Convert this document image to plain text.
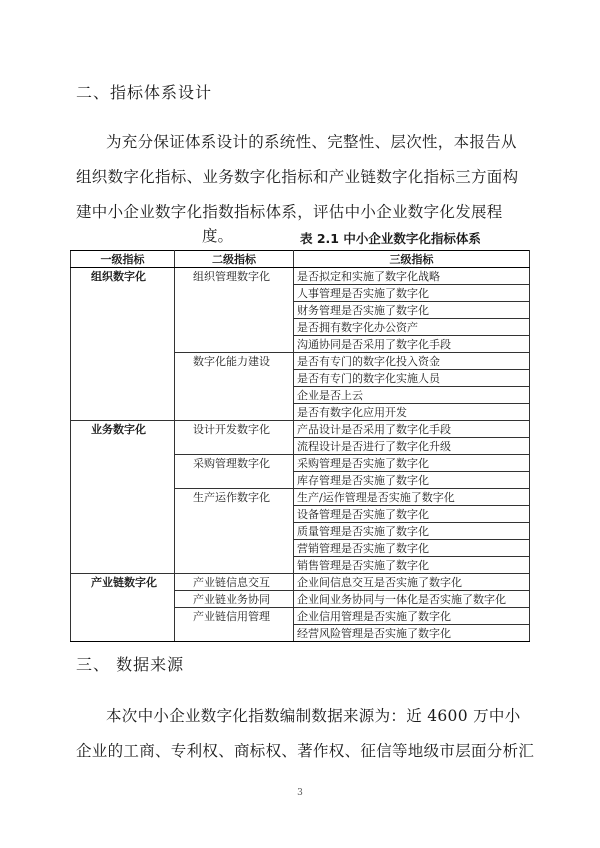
二、指标体系设计
为充分保证体系设计的系统性、完整性、层次性，本报告从
组织数字化指标、业务数字化指标和产业链数字化指标三方面构
建中小企业数字化指数指标体系，评估中小企业数字化发展程
度。	表 2.1 中小企业数字化指标体系
一级指标	二级指标	三级指标
组织数字化	组织管理数字化	是否拟定和实施了数字化战略
		人事管理是否实施了数字化
		财务管理是否实施了数字化
		是否拥有数字化办公资产
		沟通协同是否采用了数字化手段
	数字化能力建设	是否有专门的数字化投入资金
		是否有专门的数字化实施人员
		企业是否上云
		是否有数字化应用开发
业务数字化	设计开发数字化	产品设计是否采用了数字化手段
		流程设计是否进行了数字化升级
	采购管理数字化	采购管理是否实施了数字化
		库存管理是否实施了数字化
	生产运作数字化	生产/运作管理是否实施了数字化
		设备管理是否实施了数字化
		质量管理是否实施了数字化
		营销管理是否实施了数字化
		销售管理是否实施了数字化
产业链数字化	产业链信息交互	企业间信息交互是否实施了数字化
	产业链业务协同	企业间业务协同与一体化是否实施了数字化
	产业链信用管理	企业信用管理是否实施了数字化
		经营风险管理是否实施了数字化
三、 数据来源
本次中小企业数字化指数编制数据来源为：近 4600 万中小
企业的工商、专利权、商标权、著作权、征信等地级市层面分析汇
3
